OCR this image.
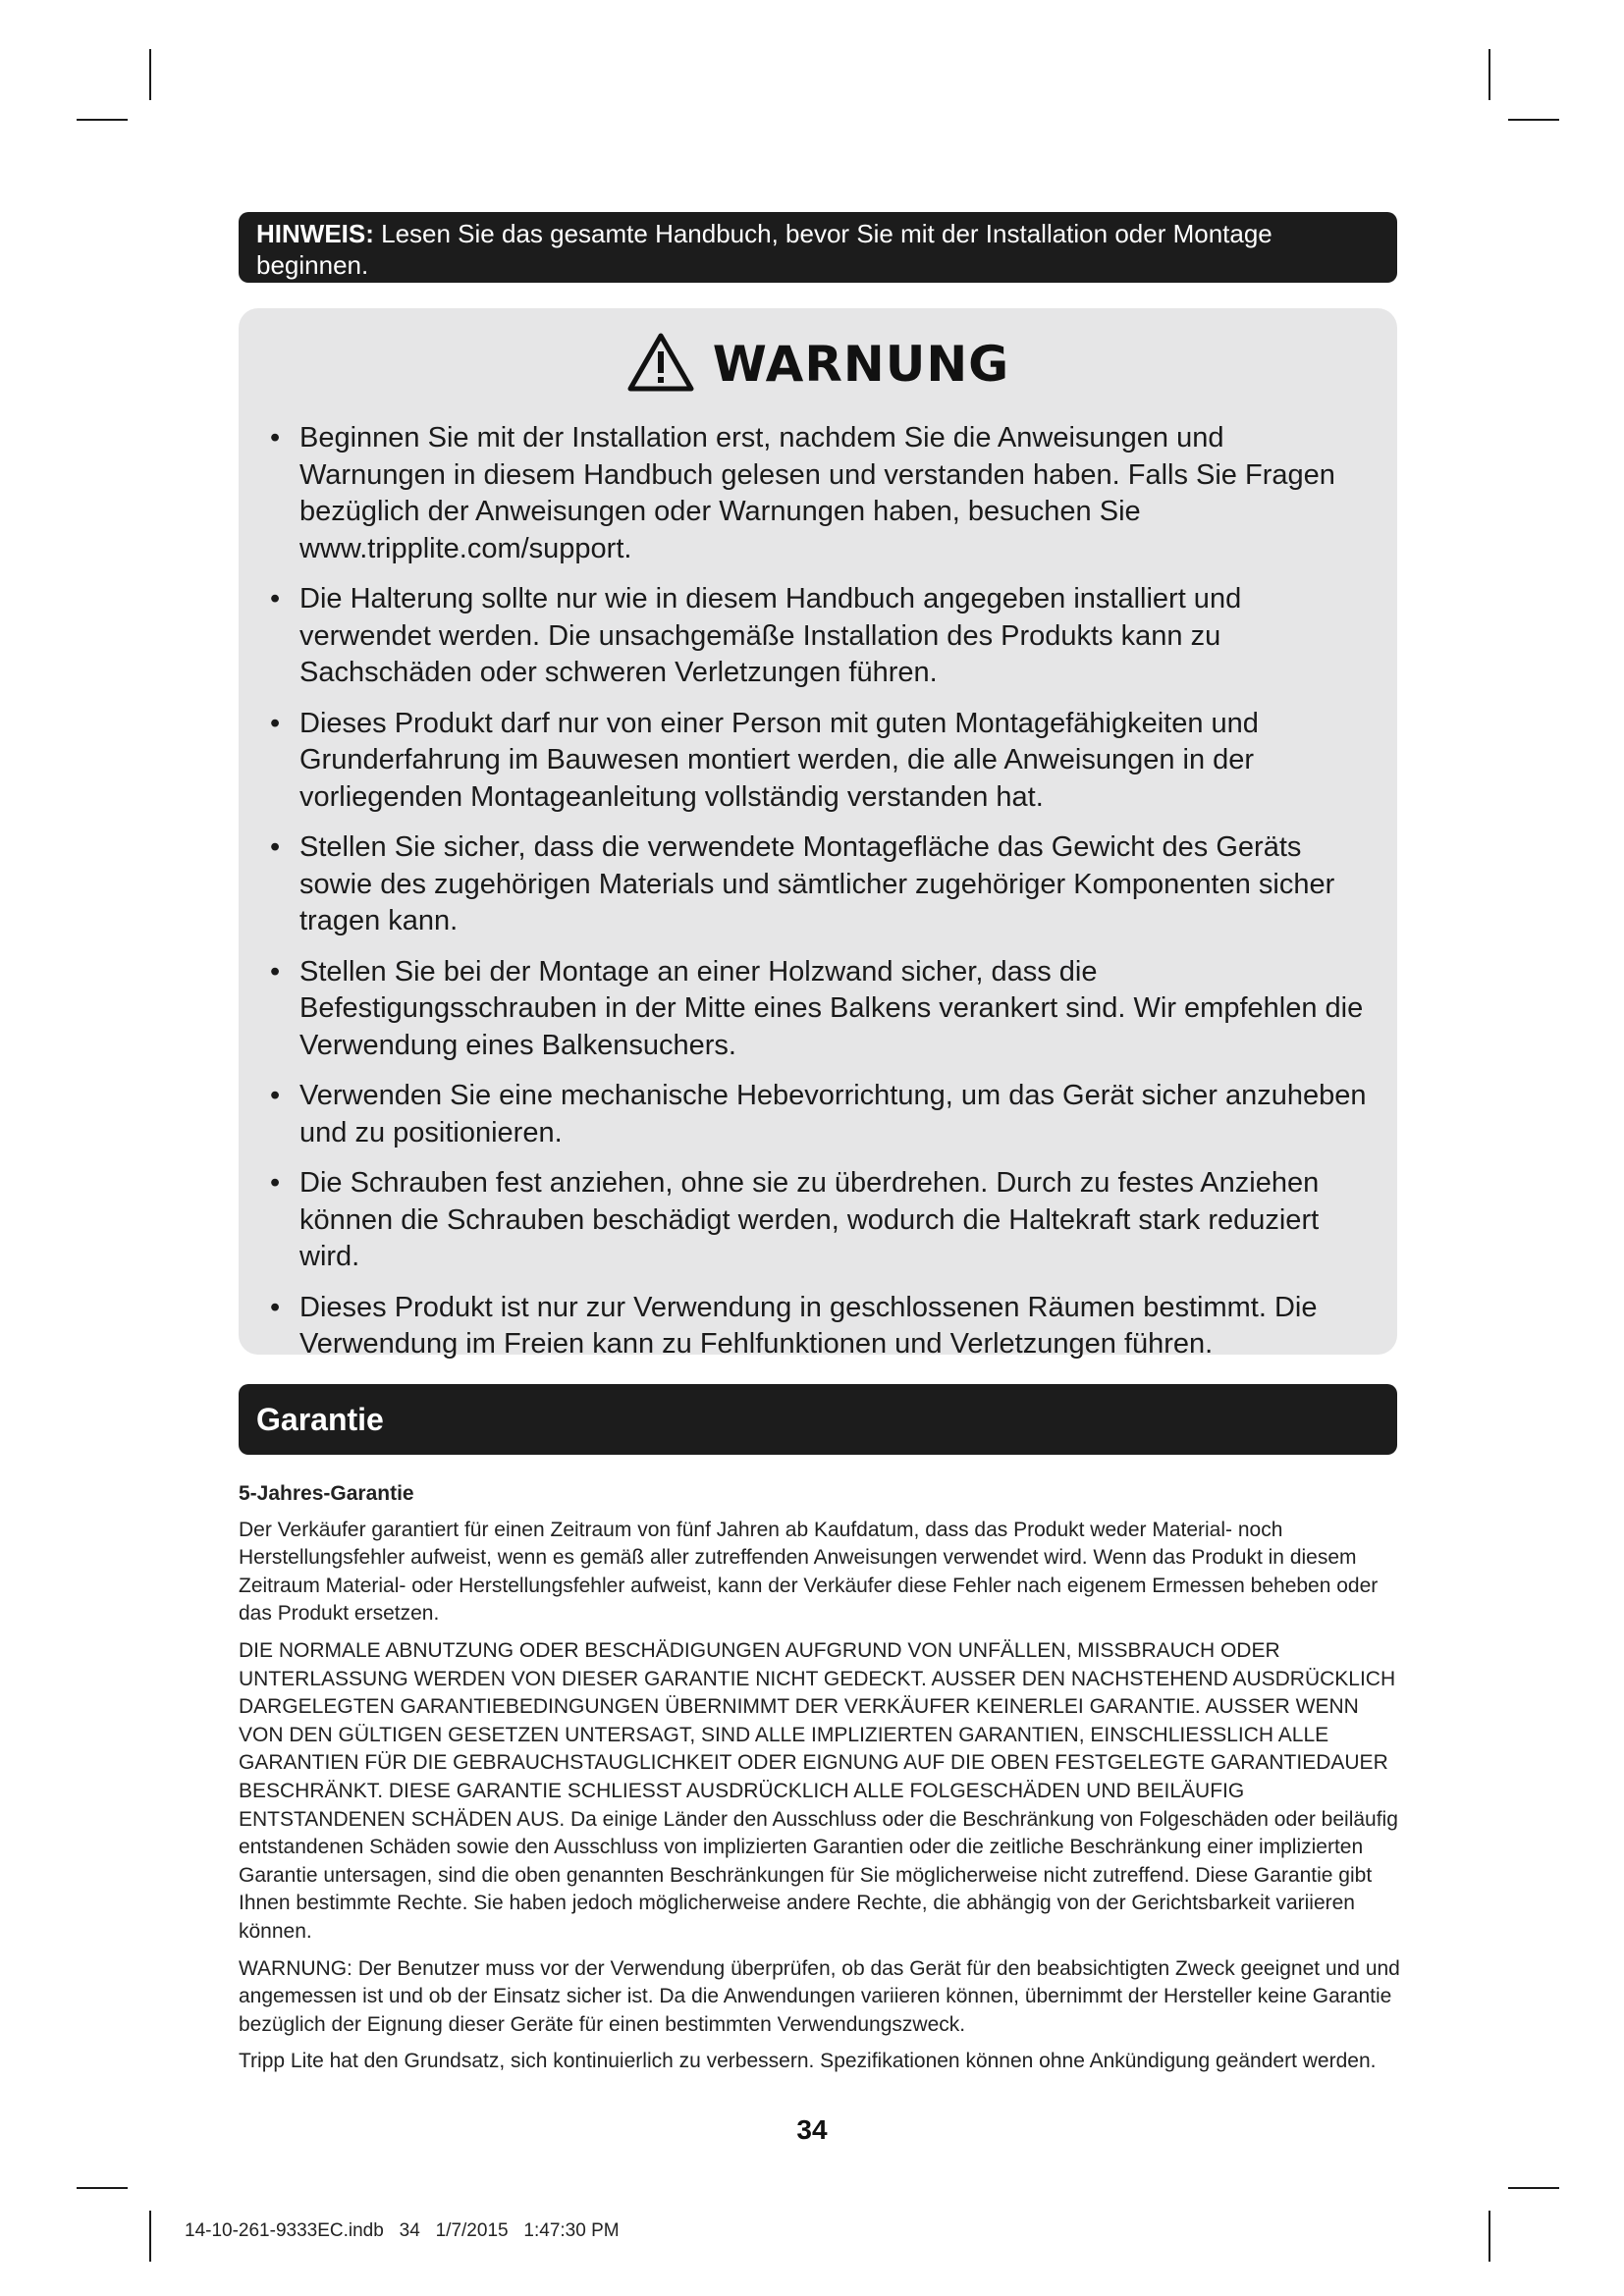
HINWEIS: Lesen Sie das gesamte Handbuch, bevor Sie mit der Installation oder Montage beginnen.
WARNUNG
• Beginnen Sie mit der Installation erst, nachdem Sie die Anweisungen und Warnungen in diesem Handbuch gelesen und verstanden haben. Falls Sie Fragen bezüglich der Anweisungen oder Warnungen haben, besuchen Sie www.tripplite.com/support.
• Die Halterung sollte nur wie in diesem Handbuch angegeben installiert und verwendet werden. Die unsachgemäße Installation des Produkts kann zu Sachschäden oder schweren Verletzungen führen.
• Dieses Produkt darf nur von einer Person mit guten Montagefähigkeiten und Grunderfahrung im Bauwesen montiert werden, die alle Anweisungen in der vorliegenden Montageanleitung vollständig verstanden hat.
• Stellen Sie sicher, dass die verwendete Montagefläche das Gewicht des Geräts sowie des zugehörigen Materials und sämtlicher zugehöriger Komponenten sicher tragen kann.
• Stellen Sie bei der Montage an einer Holzwand sicher, dass die Befestigungsschrauben in der Mitte eines Balkens verankert sind. Wir empfehlen die Verwendung eines Balkensuchers.
• Verwenden Sie eine mechanische Hebevorrichtung, um das Gerät sicher anzuheben und zu positionieren.
• Die Schrauben fest anziehen, ohne sie zu überdrehen. Durch zu festes Anziehen können die Schrauben beschädigt werden, wodurch die Haltekraft stark reduziert wird.
• Dieses Produkt ist nur zur Verwendung in geschlossenen Räumen bestimmt. Die Verwendung im Freien kann zu Fehlfunktionen und Verletzungen führen.
Garantie
5-Jahres-Garantie

Der Verkäufer garantiert für einen Zeitraum von fünf Jahren ab Kaufdatum, dass das Produkt weder Material- noch Herstellungsfehler aufweist, wenn es gemäß aller zutreffenden Anweisungen verwendet wird. Wenn das Produkt in diesem Zeitraum Material- oder Herstellungsfehler aufweist, kann der Verkäufer diese Fehler nach eigenem Ermessen beheben oder das Produkt ersetzen.

DIE NORMALE ABNUTZUNG ODER BESCHÄDIGUNGEN AUFGRUND VON UNFÄLLEN, MISSBRAUCH ODER UNTERLASSUNG WERDEN VON DIESER GARANTIE NICHT GEDECKT. AUSSER DEN NACHSTEHEND AUSDRÜCKLICH DARGELEGTEN GARANTIEBEDINGUNGEN ÜBERNIMMT DER VERKÄUFER KEINERLEI GARANTIE. AUSSER WENN VON DEN GÜLTIGEN GESETZEN UNTERSAGT, SIND ALLE IMPLIZIERTEN GARANTIEN, EINSCHLIESSLICH ALLE GARANTIEN FÜR DIE GEBRAUCHSTAUGLICHKEIT ODER EIGNUNG AUF DIE OBEN FESTGELEGTE GARANTIEDAUER BESCHRÄNKT. DIESE GARANTIE SCHLIESST AUSDRÜCKLICH ALLE FOLGESCHÄDEN UND BEILÄUFIG ENTSTANDENEN SCHÄDEN AUS. Da einige Länder den Ausschluss oder die Beschränkung von Folgeschäden oder beiläufig entstandenen Schäden sowie den Ausschluss von implizierten Garantien oder die zeitliche Beschränkung einer implizierten Garantie untersagen, sind die oben genannten Beschränkungen für Sie möglicherweise nicht zutreffend. Diese Garantie gibt Ihnen bestimmte Rechte. Sie haben jedoch möglicherweise andere Rechte, die abhängig von der Gerichtsbarkeit variieren können.

WARNUNG: Der Benutzer muss vor der Verwendung überprüfen, ob das Gerät für den beabsichtigten Zweck geeignet und und angemessen ist und ob der Einsatz sicher ist. Da die Anwendungen variieren können, übernimmt der Hersteller keine Garantie bezüglich der Eignung dieser Geräte für einen bestimmten Verwendungszweck.

Tripp Lite hat den Grundsatz, sich kontinuierlich zu verbessern. Spezifikationen können ohne Ankündigung geändert werden.

34
14-10-261-9333EC.indb   34   1/7/2015   1:47:30 PM
